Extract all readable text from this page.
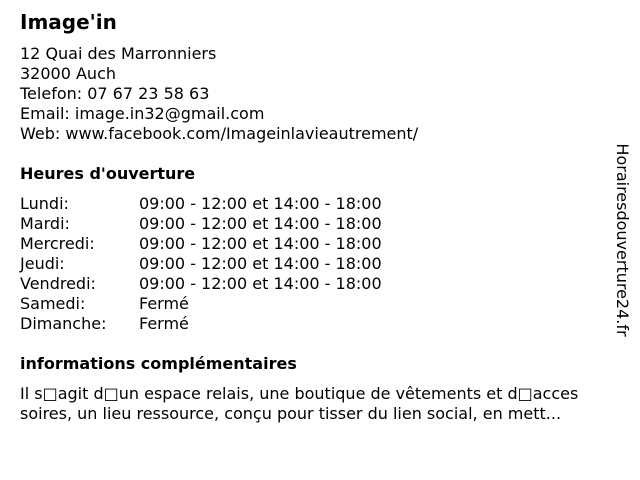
Image'in
12 Quai des Marronniers
32000 Auch
Telefon: 07 67 23 58 63
Email: image.in32@gmail.com
Web: www.facebook.com/Imageinlavieautrement/
Heures d'ouverture
Lundi:	09:00 - 12:00 et 14:00 - 18:00
Mardi:	09:00 - 12:00 et 14:00 - 18:00
Mercredi:	09:00 - 12:00 et 14:00 - 18:00
Jeudi:	09:00 - 12:00 et 14:00 - 18:00
Vendredi:	09:00 - 12:00 et 14:00 - 18:00
Samedi:	Fermé
Dimanche: Fermé
informations complémentaires
Il s□agit d□un espace relais, une boutique de vêtements et d□acces
soires, un lieu ressource, conçu pour tisser du lien social, en mett...
Horairesdouverture24.fr
